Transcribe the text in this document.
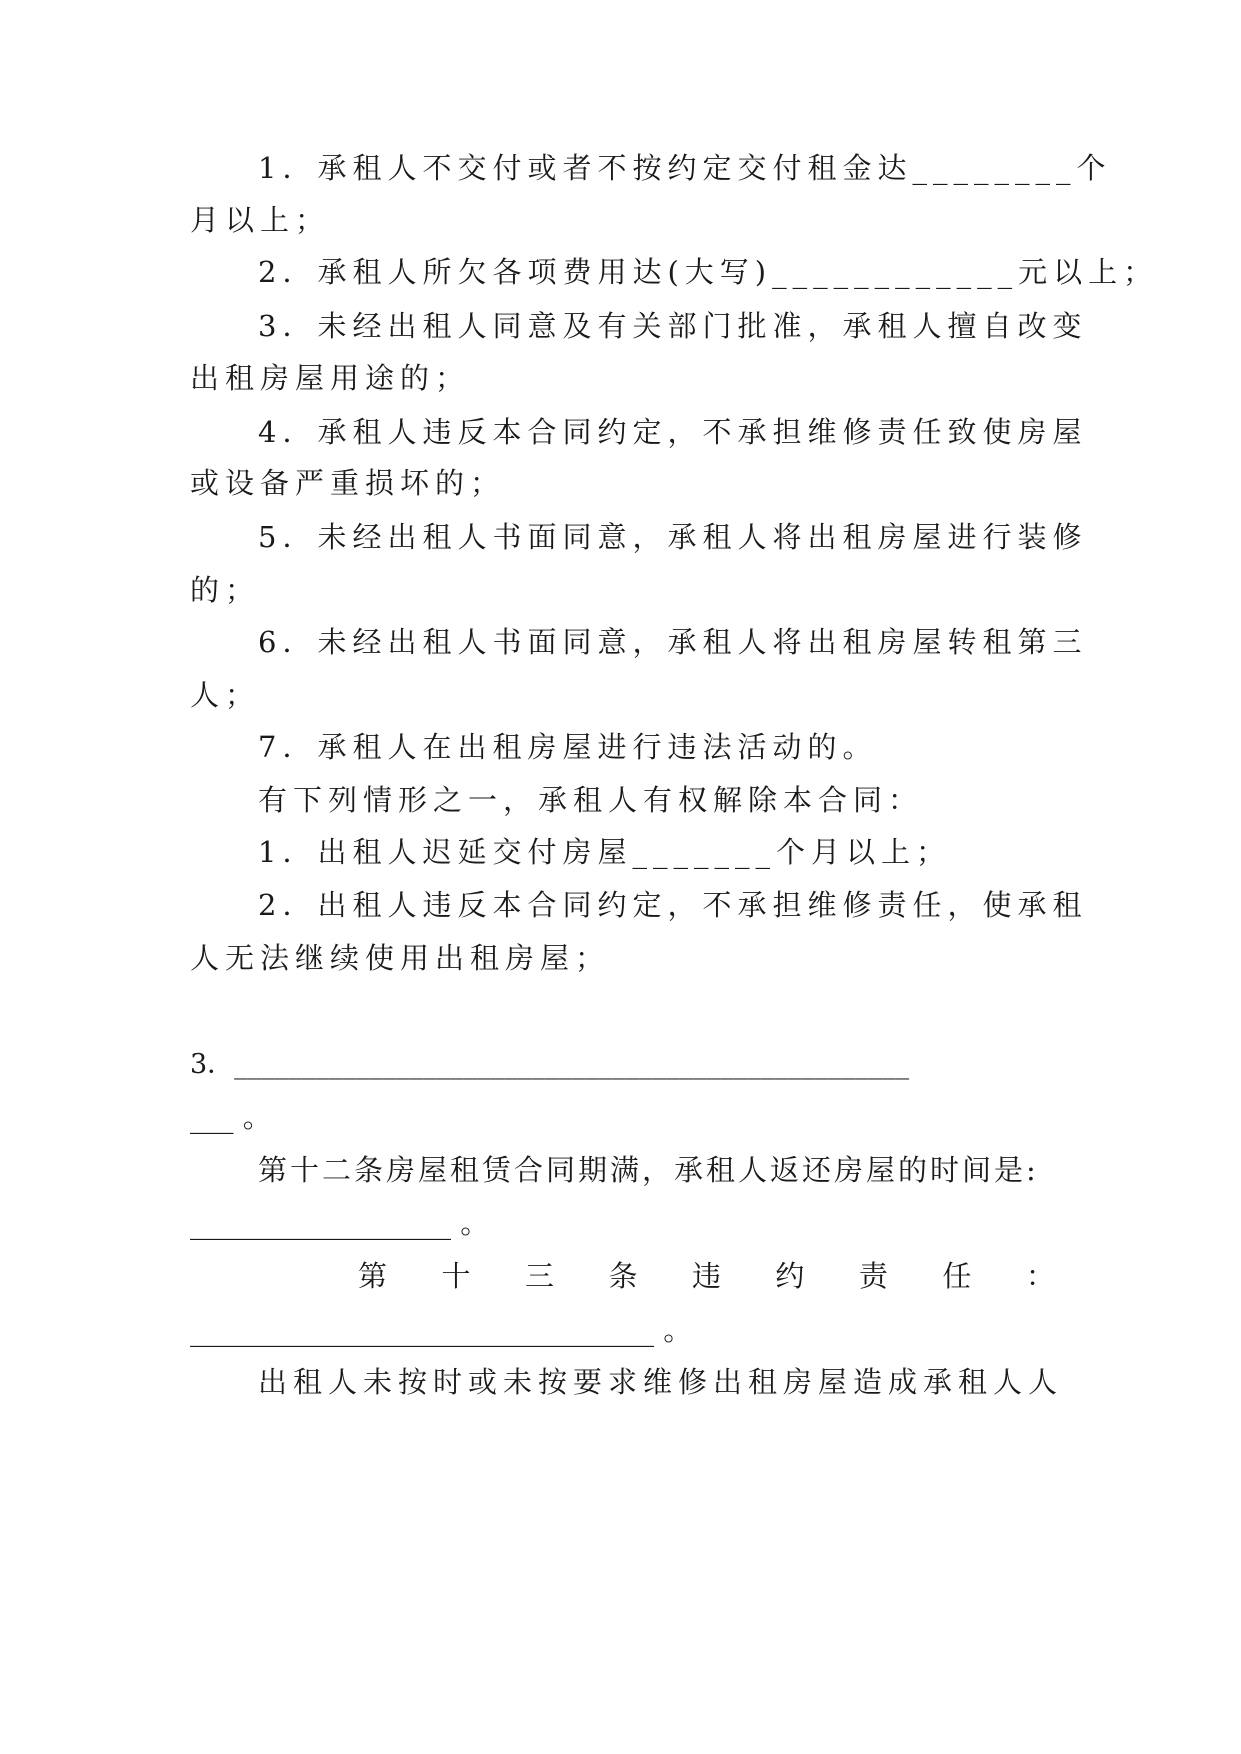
1．承租人不交付或者不按约定交付租金达________个
月以上；
2．承租人所欠各项费用达(大写)____________元以上；
3．未经出租人同意及有关部门批准，承租人擅自改变
出租房屋用途的；
4．承租人违反本合同约定，不承担维修责任致使房屋
或设备严重损坏的；
5．未经出租人书面同意，承租人将出租房屋进行装修
的；
6．未经出租人书面同意，承租人将出租房屋转租第三
人；
7．承租人在出租房屋进行违法活动的。
有下列情形之一，承租人有权解除本合同：
1．出租人迟延交付房屋_______个月以上；
2．出租人违反本合同约定，不承担维修责任，使承租
人无法继续使用出租房屋；
3．__________________________________________________
___ 。
第十二条房屋租赁合同期满，承租人返还房屋的时间是:
__________________ 。
第 十 三 条 违 约 责 任 ：
________________________________ 。
出租人未按时或未按要求维修出租房屋造成承租人人
